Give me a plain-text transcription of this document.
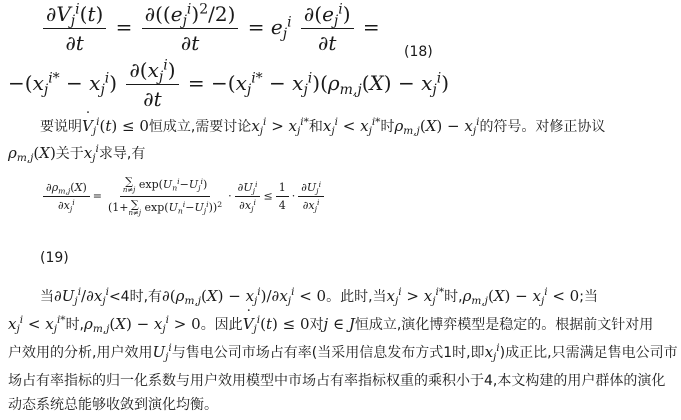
$\frac{\partial˙ V_j^i(t)}{\partial t} = \frac{\partial((e_j^i)^2/2)}{\partial t} = e_j^i \frac{\partial(e_j^i)}{\partial t}$ =
(18)
$-(x_j^{i*} - x_j^i) \frac{\partial(x_j^i)}{\partial t} = -(x_j^{i*} - x_j^i)(\rho_{m,j}(X) - x_j^i)$
要说明˙ $V_j^i(t) \le 0$恒成立,需要讨论$x_j^i > x_j^{i*}$和$x_j^i < x_j^{i*}$时$\rho_{m,j}(X) - x_j^i$的符号。对修正协议
$\rho_{m,j}(X)$关于$x_j^i$求导,有
$\frac{\partial\rho_{m,j}(X)}{\partial x_j^i}$ = ∑
n≠j $\exp(U_n^i-U_j^i)$
(1+ ∑
n≠j $\exp(U_n^i-U_j^i))^2 \cdot \frac{\partial U_j^i}{\partial x_j^i} \le \frac{1}{4} \cdot \frac{\partial U_j^i}{\partial x_j^i}$
(19)
当$\partial U_j^i/\partial x_j^i<4$时,有$\partial(\rho_{m,j}(X) - x_j^i)/\partial x_j^i < 0$。此时,当$x_j^i > x_j^{i*}$时$,\rho_{m,j}(X) - x_j^i < 0$;当
$x_j^i < x_j^{i*}$时$,\rho_{m,j}(X) - x_j^i > 0$。因此˙ $V_j^i(t) \le 0$对j ∈ J恒成立,演化博弈模型是稳定的。根据前文针对用
户效用的分析,用户效用$U_j^i$与售电公司市场占有率(当采用信息发布方式1时,即$x_j^i$)成正比,只需满足售电公司市
场占有率指标的归一化系数与用户效用模型中市场占有率指标权重的乘积小于4,本文构建的用户群体的演化
动态系统总能够收敛到演化均衡。
